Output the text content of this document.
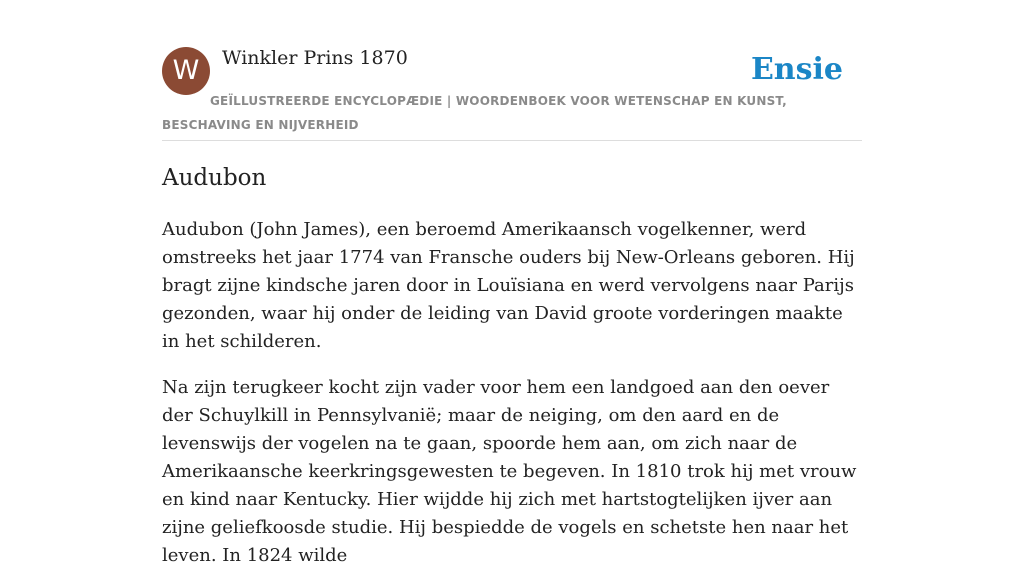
W	Winkler Prins 1870	Ensie

GEÏLLUSTREERDE ENCYCLOPÆDIE | WOORDENBOEK VOOR WETENSCHAP EN KUNST, BESCHAVING EN NIJVERHEID

Audubon

Audubon (John James), een beroemd Amerikaansch vogelkenner, werd omstreeks het jaar 1774 van Fransche ouders bij New-Orleans geboren. Hij bragt zijne kindsche jaren door in Louïsiana en werd vervolgens naar Parijs gezonden, waar hij onder de leiding van David groote vorderingen maakte in het schilderen.

Na zijn terugkeer kocht zijn vader voor hem een landgoed aan den oever der Schuylkill in Pennsylvanië; maar de neiging, om den aard en de levenswijs der vogelen na te gaan, spoorde hem aan, om zich naar de Amerikaansche keerkringsgewesten te begeven. In 1810 trok hij met vrouw en kind naar Kentucky. Hier wijdde hij zich met hartstogtelijken ijver aan zijne geliefkoosde studie. Hij bespiedde de vogels en schetste hen naar het leven. In 1824 wilde
